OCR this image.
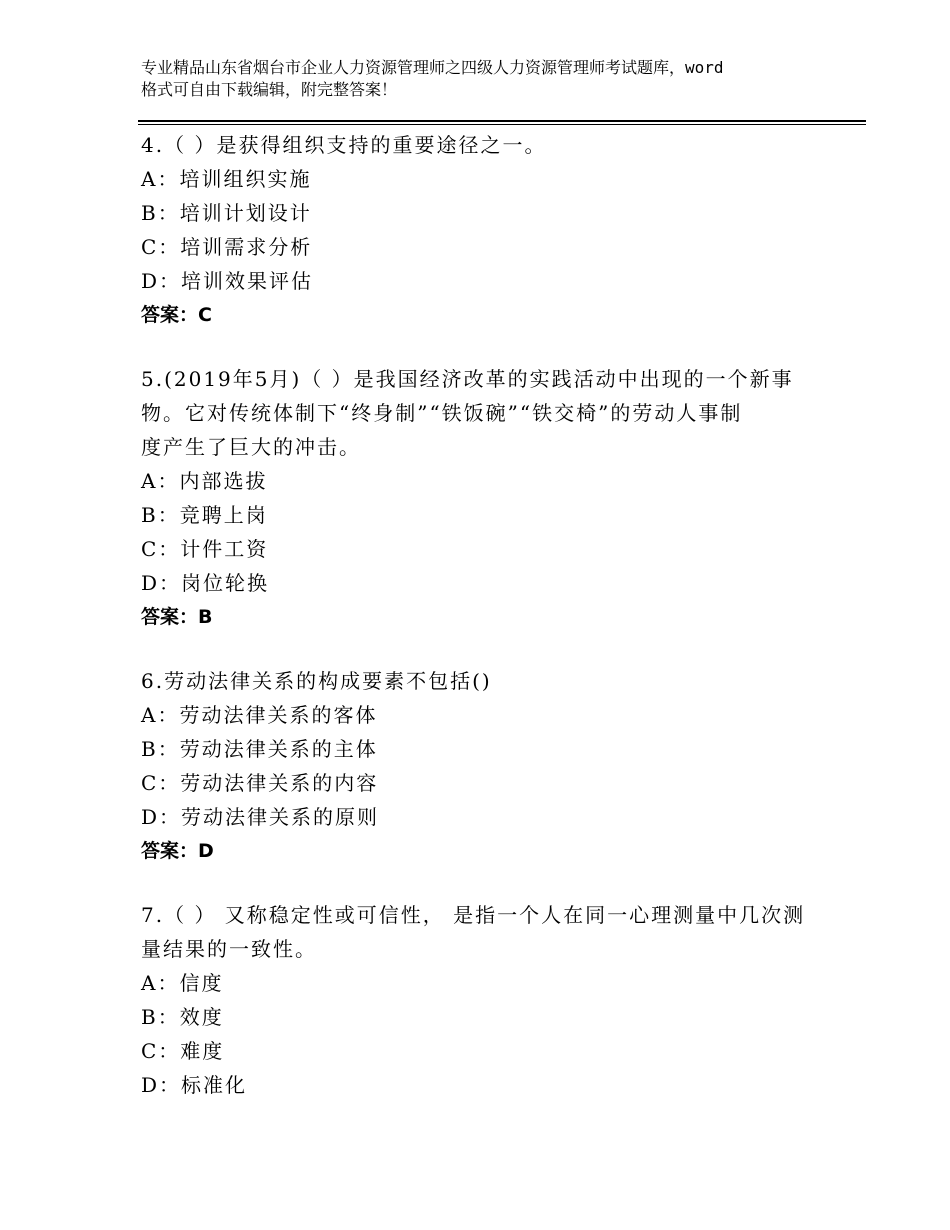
专业精品山东省烟台市企业人力资源管理师之四级人力资源管理师考试题库，word
格式可自由下载编辑，附完整答案！
4.（ ）是获得组织支持的重要途径之一。
A：培训组织实施
B：培训计划设计
C：培训需求分析
D：培训效果评估
答案：C
5.(2019年5月)（ ）是我国经济改革的实践活动中出现的一个新事
物。它对传统体制下“终身制”“铁饭碗”“铁交椅”的劳动人事制
度产生了巨大的冲击。
A：内部选拔
B：竞聘上岗
C：计件工资
D：岗位轮换
答案：B
6.劳动法律关系的构成要素不包括()
A：劳动法律关系的客体
B：劳动法律关系的主体
C：劳动法律关系的内容
D：劳动法律关系的原则
答案：D
7.（ ） 又称稳定性或可信性， 是指一个人在同一心理测量中几次测
量结果的一致性。
A：信度
B：效度
C：难度
D：标准化
